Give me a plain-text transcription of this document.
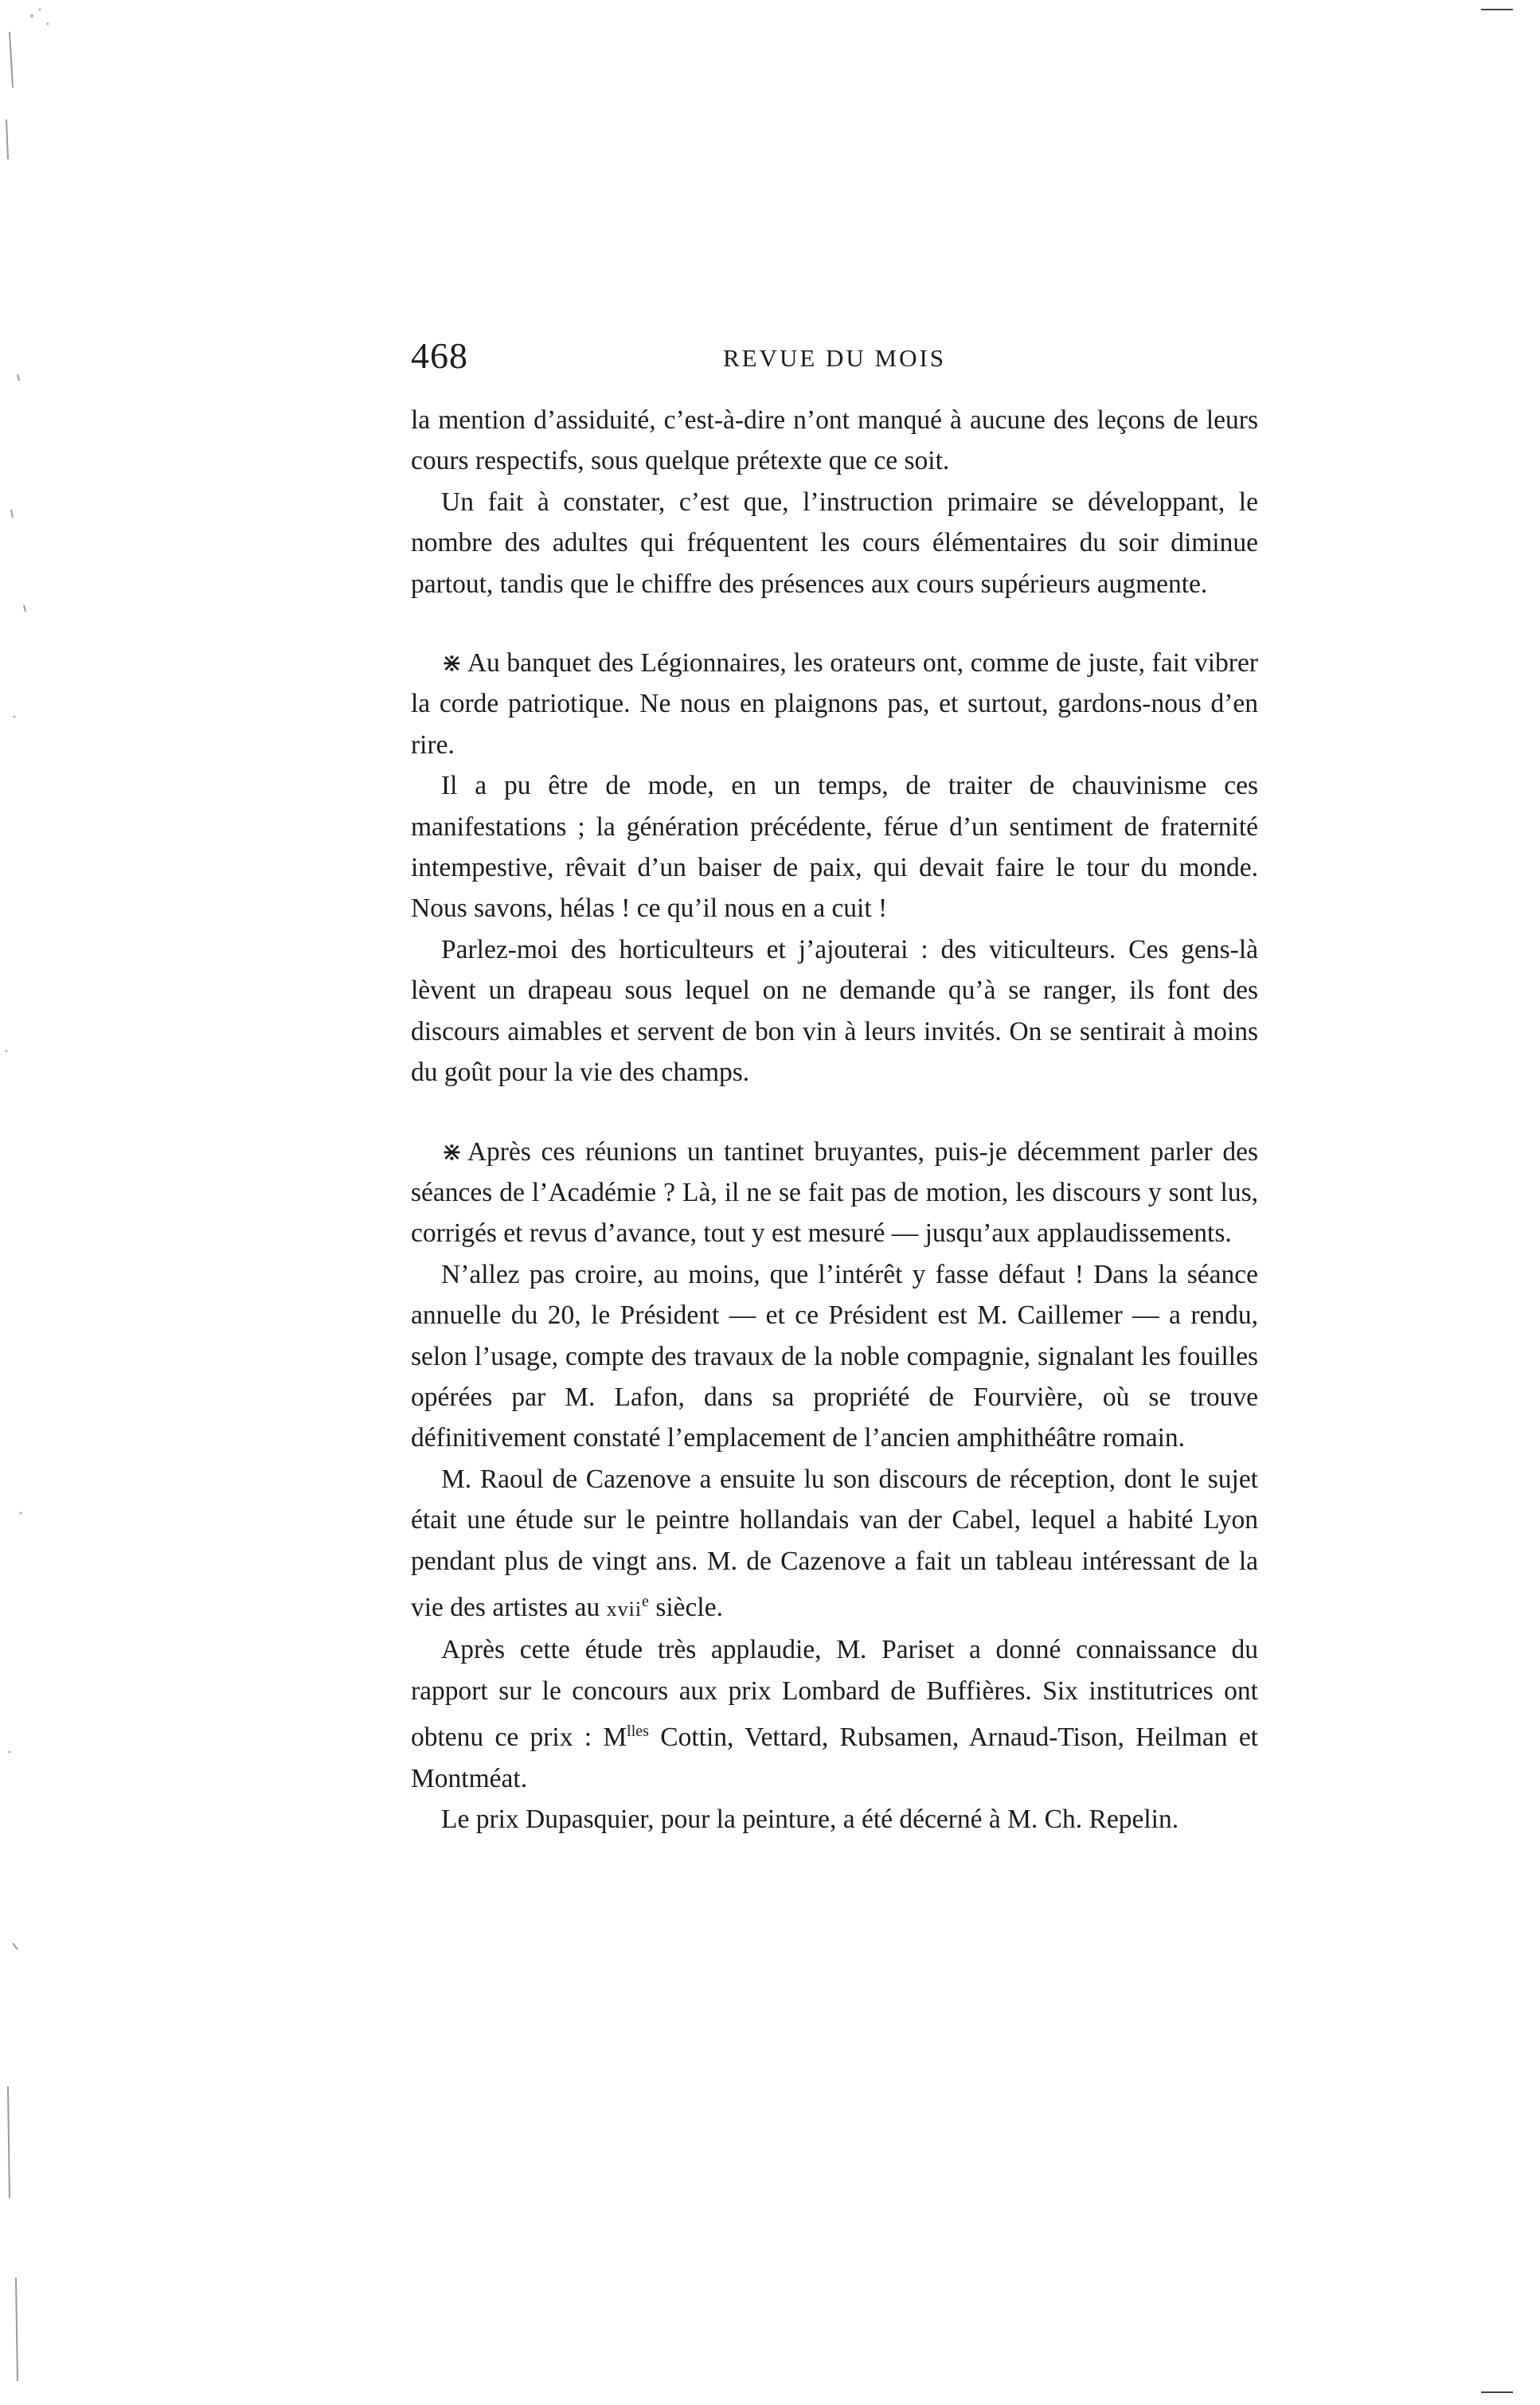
468	REVUE DU MOIS

la mention d’assiduité, c’est-à-dire n’ont manqué à aucune des leçons de leurs cours respectifs, sous quelque prétexte que ce soit.

Un fait à constater, c’est que, l’instruction primaire se développant, le nombre des adultes qui fréquentent les cours élémentaires du soir diminue partout, tandis que le chiffre des présences aux cours supérieurs augmente.

⋇ Au banquet des Légionnaires, les orateurs ont, comme de juste, fait vibrer la corde patriotique. Ne nous en plaignons pas, et surtout, gardons-nous d’en rire.

Il a pu être de mode, en un temps, de traiter de chauvinisme ces manifestations ; la génération précédente, férue d’un sentiment de fraternité intempestive, rêvait d’un baiser de paix, qui devait faire le tour du monde. Nous savons, hélas ! ce qu’il nous en a cuit !

Parlez-moi des horticulteurs et j’ajouterai : des viticulteurs. Ces gens-là lèvent un drapeau sous lequel on ne demande qu’à se ranger, ils font des discours aimables et servent de bon vin à leurs invités. On se sentirait à moins du goût pour la vie des champs.

⋇ Après ces réunions un tantinet bruyantes, puis-je décemment parler des séances de l’Académie ? Là, il ne se fait pas de motion, les discours y sont lus, corrigés et revus d’avance, tout y est mesuré — jusqu’aux applaudissements.

N’allez pas croire, au moins, que l’intérêt y fasse défaut ! Dans la séance annuelle du 20, le Président — et ce Président est M. Caillemer — a rendu, selon l’usage, compte des travaux de la noble compagnie, signalant les fouilles opérées par M. Lafon, dans sa propriété de Fourvière, où se trouve définitivement constaté l’emplacement de l’ancien amphithéâtre romain.

M. Raoul de Cazenove a ensuite lu son discours de réception, dont le sujet était une étude sur le peintre hollandais van der Cabel, lequel a habité Lyon pendant plus de vingt ans. M. de Cazenove a fait un tableau intéressant de la vie des artistes au xvii$^e$ siècle.

Après cette étude très applaudie, M. Pariset a donné connaissance du rapport sur le concours aux prix Lombard de Buffières. Six institutrices ont obtenu ce prix : $M^{lles}$ Cottin, Vettard, Rubsamen, Arnaud-Tison, Heilman et Montméat.

Le prix Dupasquier, pour la peinture, a été décerné à M. Ch. Repelin.
